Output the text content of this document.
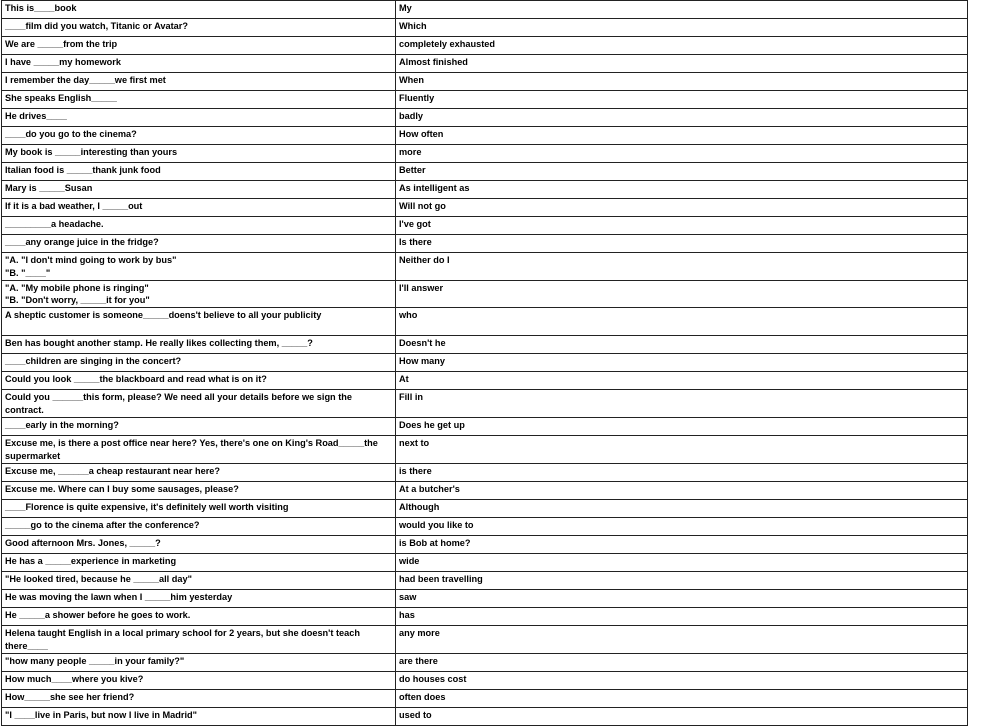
This is____book	My
____film did you watch, Titanic or Avatar?	Which
We are _____from the trip	completely exhausted
I have _____my homework	Almost finished
I remember the day_____we first met	When
She speaks English_____	Fluently
He drives____	badly
____do you go to the cinema?	How often
My book is _____interesting than yours	more
Italian food is _____thank junk food	Better
Mary is _____Susan	As intelligent as
If it is a bad weather, I _____out	Will not go
_________a headache.	I've got
____any orange juice in the fridge?	Is there
"A. "I don't mind going to work by bus"
"B. "____"	Neither do I
"A. "My mobile phone is ringing"
"B. "Don't worry, _____it for you"	I'll answer
A sheptic customer is someone_____doens't believe to all your publicity	who
Ben has bought another stamp. He really likes collecting them, _____?	Doesn't he
____children are singing in the concert?	How many
Could you look _____the blackboard and read what is on it?	At
Could you ______this form, please? We need all your details before we sign the contract.	Fill in
____early in the morning?	Does he get up
Excuse me, is there a post office near here? Yes, there's one on King's Road_____the supermarket	next to
Excuse me, ______a cheap restaurant near here?	is there
Excuse me. Where can I buy some sausages, please?	At a butcher's
____Florence is quite expensive, it's definitely well worth visiting	Although
_____go to the cinema after the conference?	would you like to
Good afternoon Mrs. Jones, _____?	is Bob at home?
He has a _____experience in marketing	wide
"He looked tired, because he _____all day"	had been travelling
He was moving the lawn when I _____him yesterday	saw
He _____a shower before he goes to work.	has
Helena taught English in a local primary school for 2 years, but she doesn't teach there____	any more
"how many people _____in your family?"	are there
How much____where you kive?	do houses cost
How_____she see her friend?	often does
"I ____live in Paris, but now I live in Madrid"	used to
